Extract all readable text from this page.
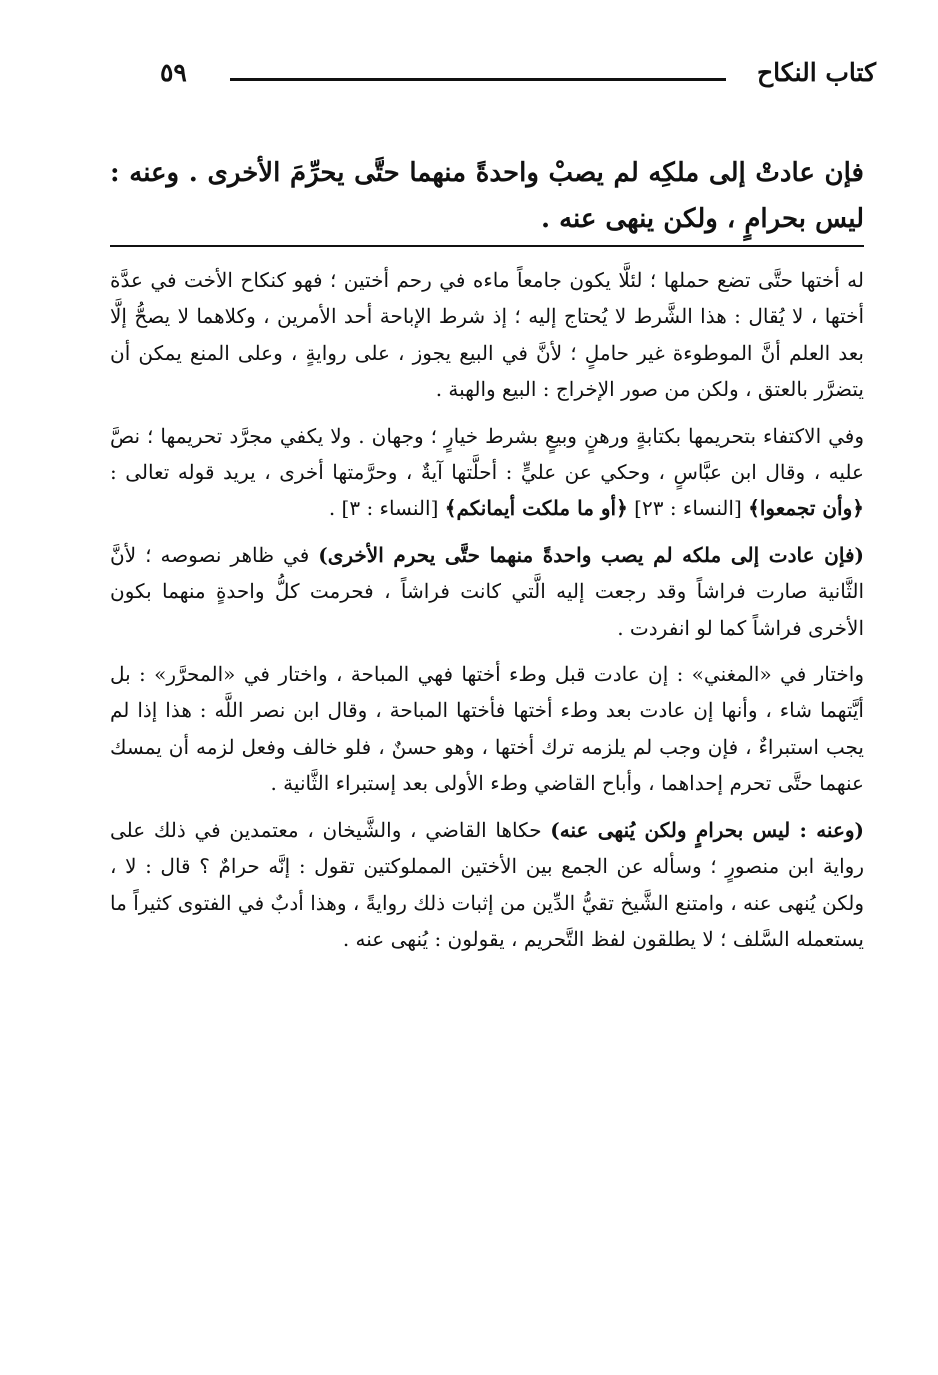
كتاب النكاح
٥٩
فإن عادتْ إلى ملكِه لم يصبْ واحدةً منهما حتَّى يحرِّمَ الأخرى . وعنه :
ليس بحرامٍ ، ولكن ينهى عنه .

له أختها حتَّى تضع حملها ؛ لئلَّا يكون جامعاً ماءه في رحم أختين ؛ فهو كنكاح الأخت في عدَّة أختها ، لا يُقال : هذا الشَّرط لا يُحتاج إليه ؛ إذ شرط الإباحة أحد الأمرين ، وكلاهما لا يصحُّ إلَّا بعد العلم أنَّ الموطوءة غير حاملٍ ؛ لأنَّ في البيع يجوز ، على روايةٍ ، وعلى المنع يمكن أن يتضرَّر بالعتق ، ولكن من صور الإخراج : البيع والهبة .

وفي الاكتفاء بتحريمها بكتابةٍ ورهنٍ وبيعٍ بشرط خيارٍ ؛ وجهان . ولا يكفي مجرَّد تحريمها ؛ نصَّ عليه ، وقال ابن عبَّاسٍ ، وحكي عن عليٍّ : أحلَّتها آيةٌ ، وحرَّمتها أخرى ، يريد قوله تعالى : ﴿وأن تجمعوا﴾ [النساء : ٢٣] ﴿أو ما ملكت أيمانكم﴾ [النساء : ٣] .

(فإن عادت إلى ملكه لم يصب واحدةً منهما حتَّى يحرم الأخرى) في ظاهر نصوصه ؛ لأنَّ الثَّانية صارت فراشاً وقد رجعت إليه الَّتي كانت فراشاً ، فحرمت كلُّ واحدةٍ منهما بكون الأخرى فراشاً كما لو انفردت .

واختار في «المغني» : إن عادت قبل وطء أختها فهي المباحة ، واختار في «المحرَّر» : بل أيَّتهما شاء ، وأنها إن عادت بعد وطء أختها فأختها المباحة ، وقال ابن نصر اللَّه : هذا إذا لم يجب استبراءٌ ، فإن وجب لم يلزمه ترك أختها ، وهو حسنٌ ، فلو خالف وفعل لزمه أن يمسك عنهما حتَّى تحرم إحداهما ، وأباح القاضي وطء الأولى بعد إستبراء الثَّانية .

(وعنه : ليس بحرامٍ ولكن يُنهى عنه) حكاها القاضي ، والشَّيخان ، معتمدين في ذلك على رواية ابن منصورٍ ؛ وسأله عن الجمع بين الأختين المملوكتين تقول : إنَّه حرامٌ ؟ قال : لا ، ولكن يُنهى عنه ، وامتنع الشَّيخ تقيُّ الدِّين من إثبات ذلك روايةً ، وهذا أدبٌ في الفتوى كثيراً ما يستعمله السَّلف ؛ لا يطلقون لفظ التَّحريم ، يقولون : يُنهى عنه .
